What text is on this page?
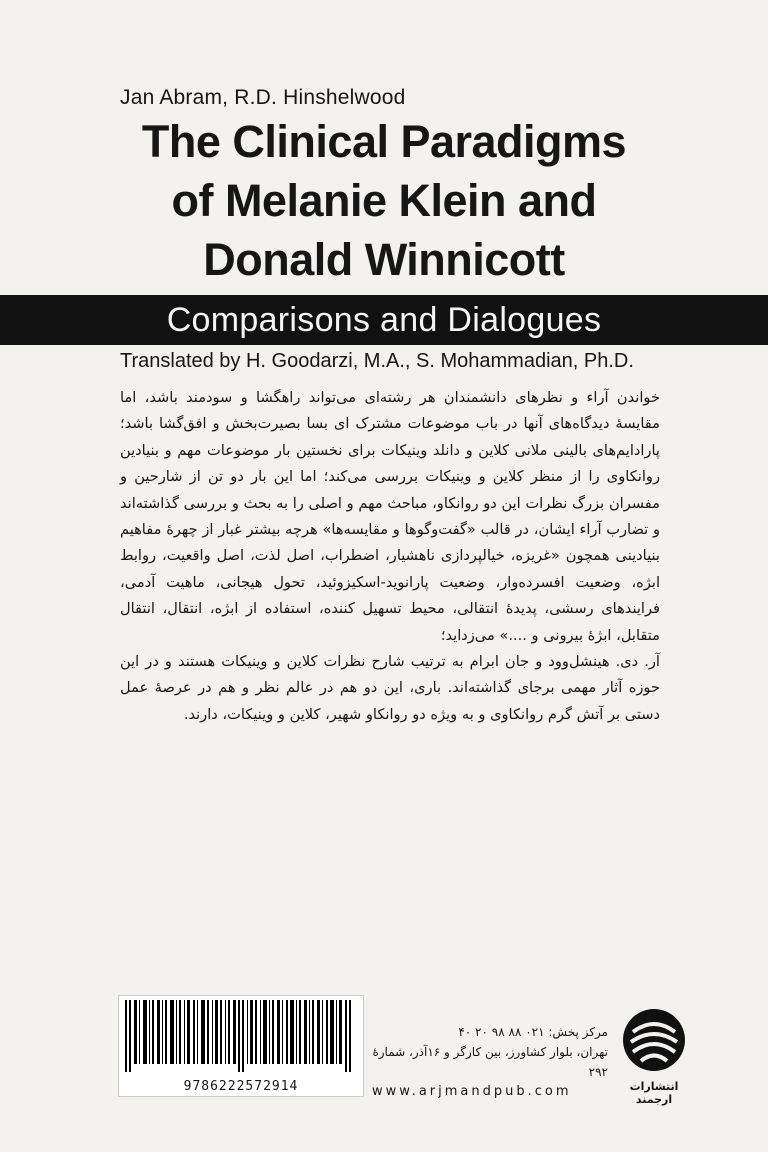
Jan Abram, R.D. Hinshelwood
The Clinical Paradigms
of Melanie Klein and
Donald Winnicott
Comparisons and Dialogues
Translated by H. Goodarzi, M.A., S. Mohammadian, Ph.D.

خواندن آراء و نظرهای دانشمندان هر رشته‌ای می‌تواند راهگشا و سودمند باشد، اما مقایسهٔ دیدگاه‌های آنها در باب موضوعات مشترک ای بسا بصیرت‌بخش و افق‌گشا باشد؛ پارادایم‌های بالینی ملانی کلاین و دانلد وینیکات برای نخستین بار موضوعات مهم و بنیادین روانکاوی را از منظر کلاین و وینیکات بررسی می‌کند؛ اما این بار دو تن از شارحین و مفسران بزرگ نظرات این دو روانکاو، مباحث مهم و اصلی را به بحث و بررسی گذاشته‌اند و تضارب آراء ایشان، در قالب «گفت‌وگوها و مقایسه‌ها» هرچه بیشتر غبار از چهرهٔ مفاهیم بنیادینی همچون «غریزه، خیالپردازی ناهشیار، اضطراب، اصل لذت، اصل واقعیت، روابط ابژه، وضعیت افسرده‌وار، وضعیت پارانوید-اسکیزوئید، تحول هیجانی، ماهیت آدمی، فرایندهای رسشی، پدیدهٔ انتقالی، محیط تسهیل کننده، استفاده از ابژه، انتقال، انتقال متقابل، ابژهٔ بیرونی و ....» می‌زداید؛

آر. دی. هینشل‌وود و جان ابرام به ترتیب شارح نظرات کلاین و وینیکات هستند و در این حوزه آثار مهمی برجای گذاشته‌اند. باری، این دو هم در عالم نظر و هم در عرصهٔ عمل دستی بر آتش گرم روانکاوی و به ویژه دو روانکاو شهیر، کلاین و وینیکات، دارند.

9786222572914
مرکز پخش: ۰۲۱ ۸۸ ۹۸ ۲۰ ۴۰
تهران، بلوار کشاورز، بین کارگر و ۱۶آذر، شمارهٔ ۲۹۲
www.arjmandpub.com	انتشارات ارجمند
